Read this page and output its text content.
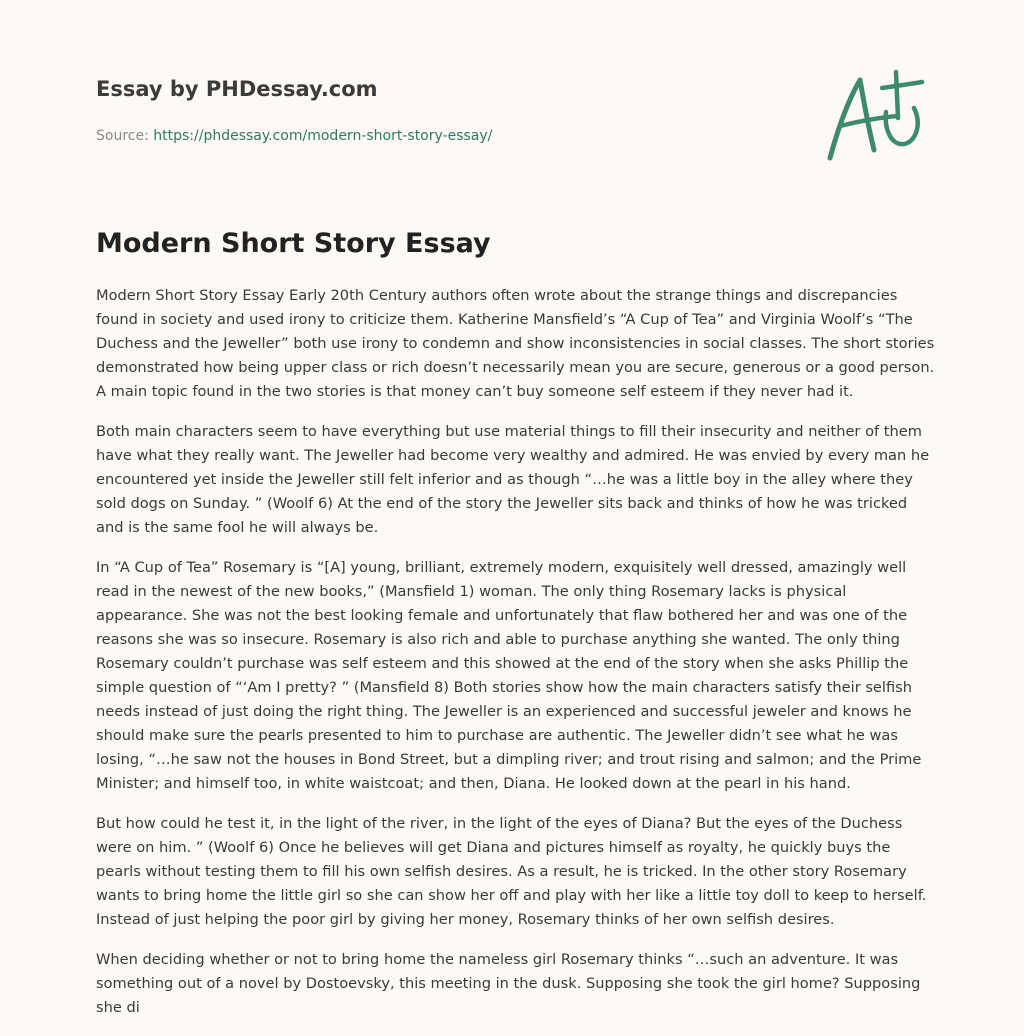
Essay by PHDessay.com
Source: https://phdessay.com/modern-short-story-essay/
Modern Short Story Essay

Modern Short Story Essay Early 20th Century authors often wrote about the strange things and discrepancies found in society and used irony to criticize them. Katherine Mansfield’s “A Cup of Tea” and Virginia Woolf’s “The Duchess and the Jeweller” both use irony to condemn and show inconsistencies in social classes. The short stories demonstrated how being upper class or rich doesn’t necessarily mean you are secure, generous or a good person. A main topic found in the two stories is that money can’t buy someone self esteem if they never had it.

Both main characters seem to have everything but use material things to fill their insecurity and neither of them have what they really want. The Jeweller had become very wealthy and admired. He was envied by every man he encountered yet inside the Jeweller still felt inferior and as though “…he was a little boy in the alley where they sold dogs on Sunday. ” (Woolf 6) At the end of the story the Jeweller sits back and thinks of how he was tricked and is the same fool he will always be.

In “A Cup of Tea” Rosemary is “[A] young, brilliant, extremely modern, exquisitely well dressed, amazingly well read in the newest of the new books,” (Mansfield 1) woman. The only thing Rosemary lacks is physical appearance. She was not the best looking female and unfortunately that flaw bothered her and was one of the reasons she was so insecure. Rosemary is also rich and able to purchase anything she wanted. The only thing Rosemary couldn’t purchase was self esteem and this showed at the end of the story when she asks Phillip the simple question of “‘Am I pretty? ” (Mansfield 8) Both stories show how the main characters satisfy their selfish needs instead of just doing the right thing. The Jeweller is an experienced and successful jeweler and knows he should make sure the pearls presented to him to purchase are authentic. The Jeweller didn’t see what he was losing, “…he saw not the houses in Bond Street, but a dimpling river; and trout rising and salmon; and the Prime Minister; and himself too, in white waistcoat; and then, Diana. He looked down at the pearl in his hand.

But how could he test it, in the light of the river, in the light of the eyes of Diana? But the eyes of the Duchess were on him. ” (Woolf 6) Once he believes will get Diana and pictures himself as royalty, he quickly buys the pearls without testing them to fill his own selfish desires. As a result, he is tricked. In the other story Rosemary wants to bring home the little girl so she can show her off and play with her like a little toy doll to keep to herself. Instead of just helping the poor girl by giving her money, Rosemary thinks of her own selfish desires.

When deciding whether or not to bring home the nameless girl Rosemary thinks “…such an adventure. It was something out of a novel by Dostoevsky, this meeting in the dusk. Supposing she took the girl home? Supposing she di
